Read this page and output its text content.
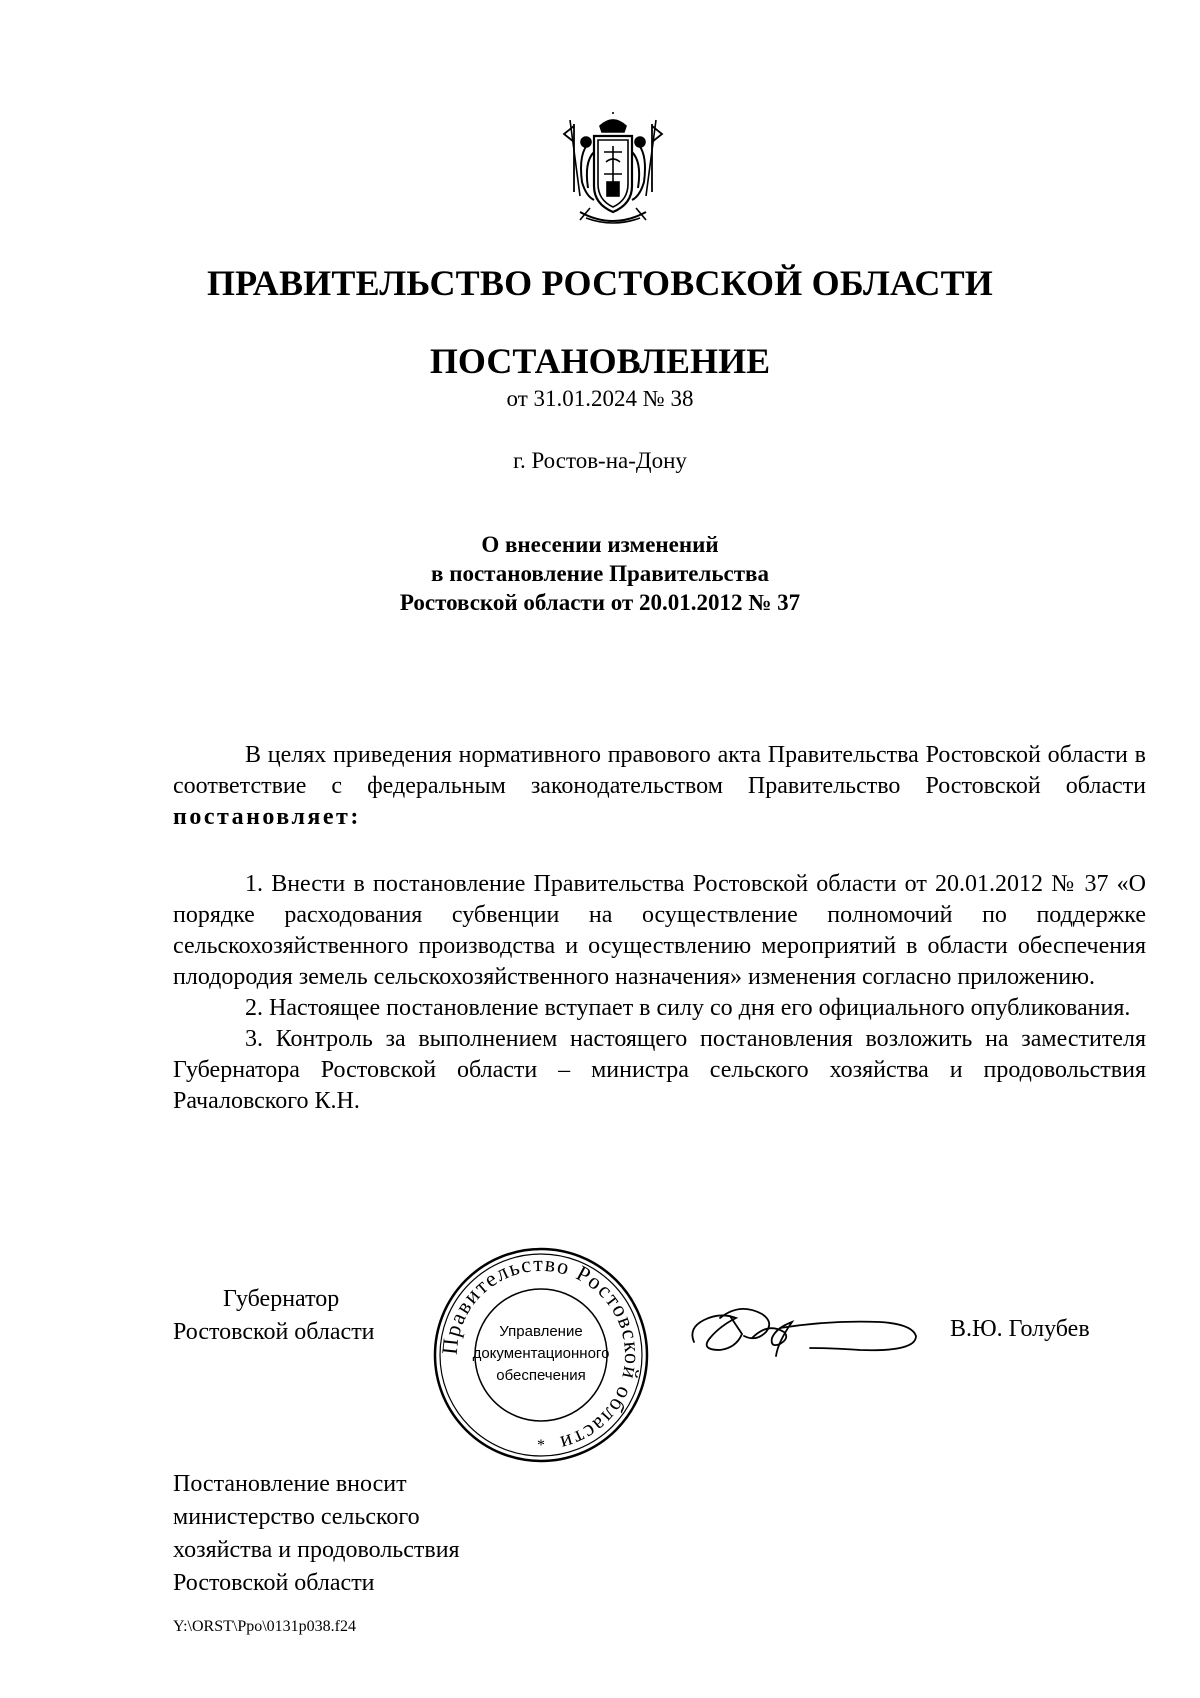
ПРАВИТЕЛЬСТВО РОСТОВСКОЙ ОБЛАСТИ
ПОСТАНОВЛЕНИЕ
от 31.01.2024 № 38
г. Ростов-на-Дону
О внесении изменений
в постановление Правительства
Ростовской области от 20.01.2012 № 37

В целях приведения нормативного правового акта Правительства Ростовской области в соответствие с федеральным законодательством Правительство Ростовской области постановляет:

1. Внести в постановление Правительства Ростовской области от 20.01.2012 № 37 «О порядке расходования субвенции на осуществление полномочий по поддержке сельскохозяйственного производства и осуществлению мероприятий в области обеспечения плодородия земель сельскохозяйственного назначения» изменения согласно приложению.

2. Настоящее постановление вступает в силу со дня его официального опубликования.

3. Контроль за выполнением настоящего постановления возложить на заместителя Губернатора Ростовской области – министра сельского хозяйства и продовольствия Рачаловского К.Н.

Губернатор
Ростовской области
Правительство Ростовской области
Управление
документационного
обеспечения
*
В.Ю. Голубев
Постановление вносит
министерство сельского
хозяйства и продовольствия
Ростовской области
Y:\ORST\Ppo\0131p038.f24
